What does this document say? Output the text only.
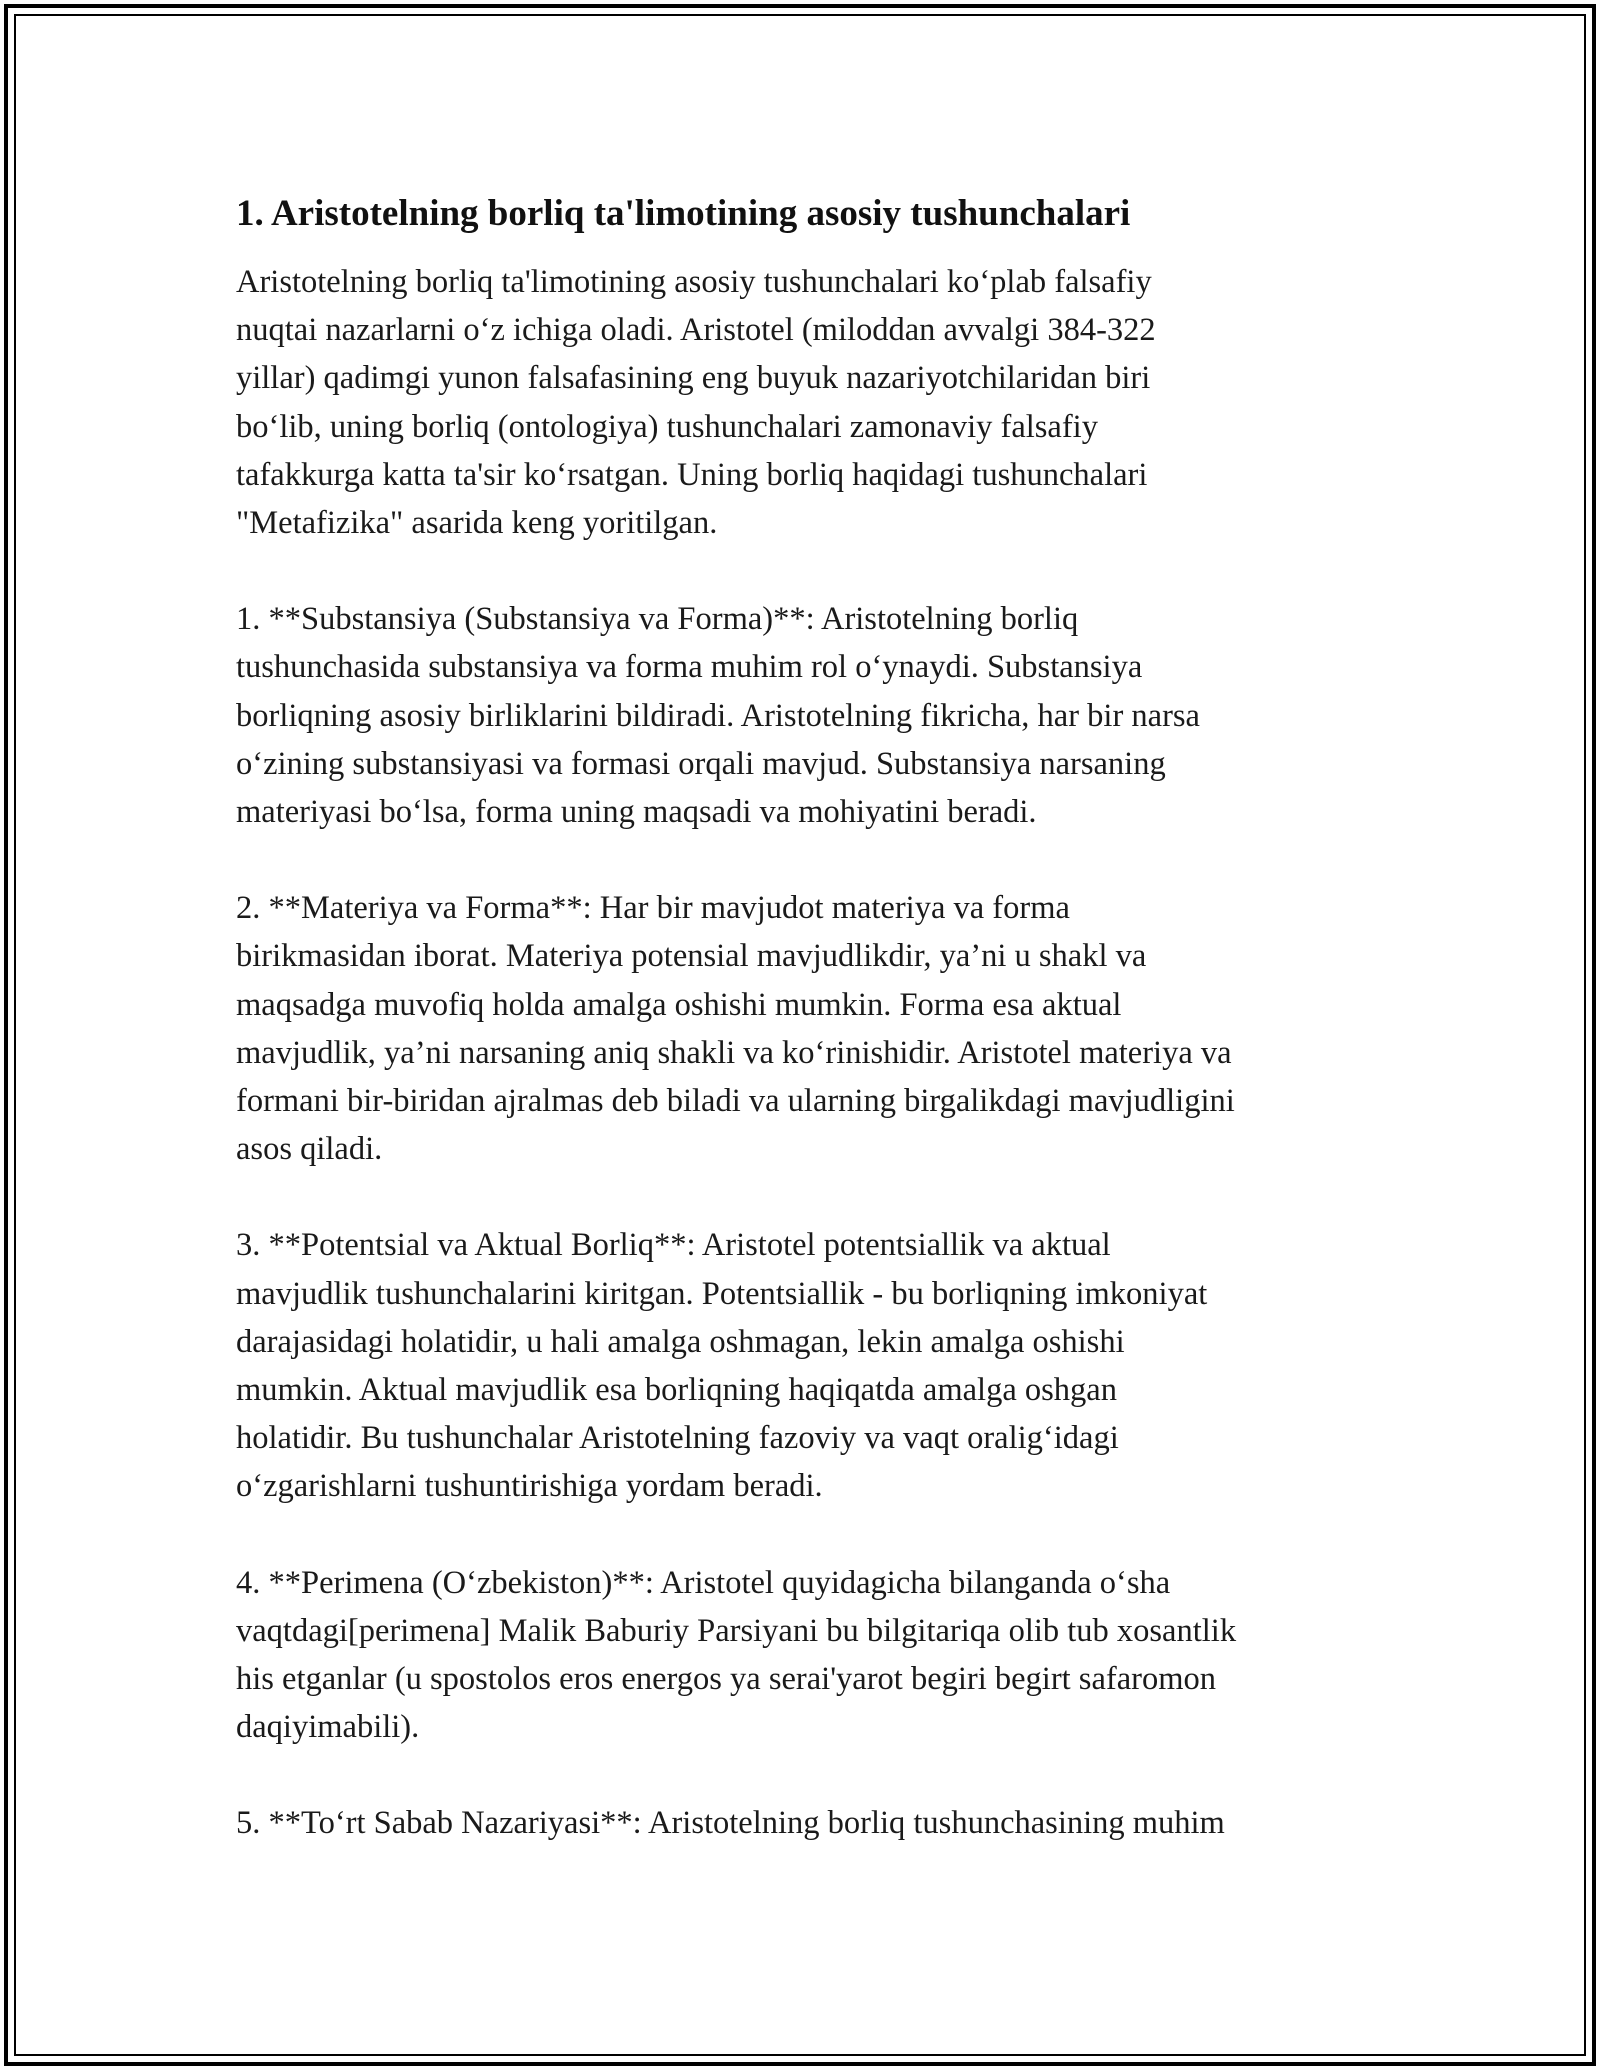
1. Aristotelning borliq ta'limotining asosiy tushunchalari

Aristotelning borliq ta'limotining asosiy tushunchalari ko‘plab falsafiy
nuqtai nazarlarni o‘z ichiga oladi. Aristotel (miloddan avvalgi 384-322
yillar) qadimgi yunon falsafasining eng buyuk nazariyotchilaridan biri
bo‘lib, uning borliq (ontologiya) tushunchalari zamonaviy falsafiy
tafakkurga katta ta'sir ko‘rsatgan. Uning borliq haqidagi tushunchalari
"Metafizika" asarida keng yoritilgan.

1. **Substansiya (Substansiya va Forma)**: Aristotelning borliq
tushunchasida substansiya va forma muhim rol o‘ynaydi. Substansiya
borliqning asosiy birliklarini bildiradi. Aristotelning fikricha, har bir narsa
o‘zining substansiyasi va formasi orqali mavjud. Substansiya narsaning
materiyasi bo‘lsa, forma uning maqsadi va mohiyatini beradi.

2. **Materiya va Forma**: Har bir mavjudot materiya va forma
birikmasidan iborat. Materiya potensial mavjudlikdir, ya’ni u shakl va
maqsadga muvofiq holda amalga oshishi mumkin. Forma esa aktual
mavjudlik, ya’ni narsaning aniq shakli va ko‘rinishidir. Aristotel materiya va
formani bir-biridan ajralmas deb biladi va ularning birgalikdagi mavjudligini
asos qiladi.

3. **Potentsial va Aktual Borliq**: Aristotel potentsiallik va aktual
mavjudlik tushunchalarini kiritgan. Potentsiallik - bu borliqning imkoniyat
darajasidagi holatidir, u hali amalga oshmagan, lekin amalga oshishi
mumkin. Aktual mavjudlik esa borliqning haqiqatda amalga oshgan
holatidir. Bu tushunchalar Aristotelning fazoviy va vaqt oralig‘idagi
o‘zgarishlarni tushuntirishiga yordam beradi.

4. **Perimena (O‘zbekiston)**: Aristotel quyidagicha bilanganda o‘sha
vaqtdagi[perimena] Malik Baburiy Parsiyani bu bilgitariqa olib tub xosantlik
his etganlar (u spostolos eros energos ya serai'yarot begiri begirt safaromon
daqiyimabili).

5. **To‘rt Sabab Nazariyasi**: Aristotelning borliq tushunchasining muhim
